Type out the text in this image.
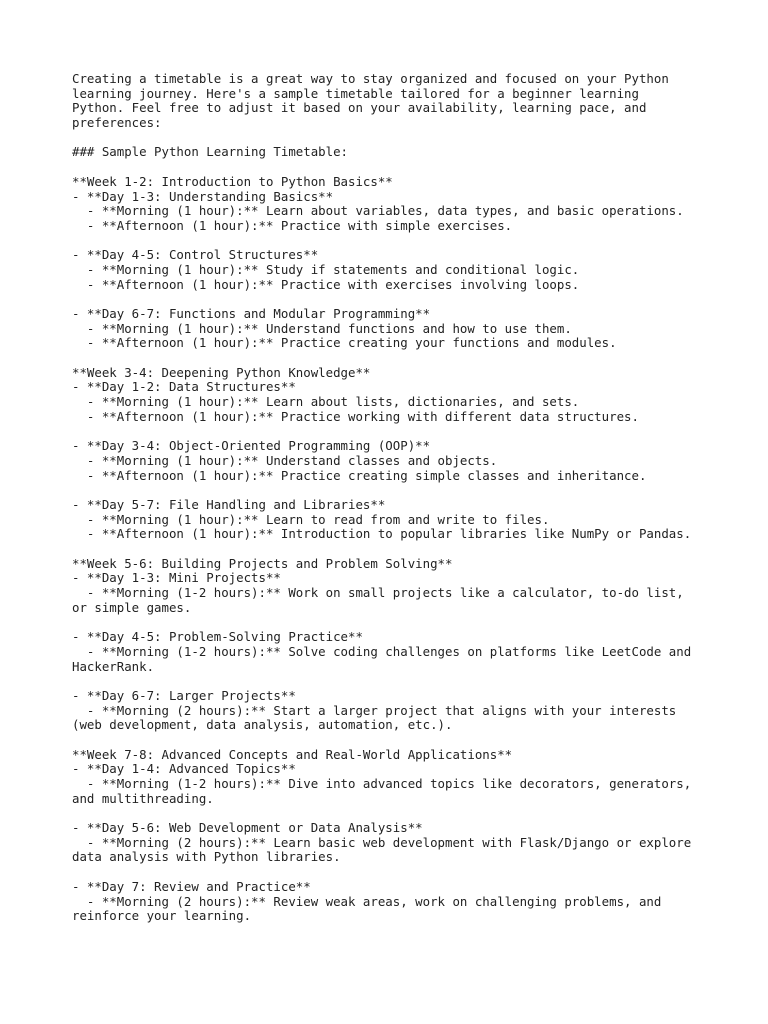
Creating a timetable is a great way to stay organized and focused on your Python
learning journey. Here's a sample timetable tailored for a beginner learning
Python. Feel free to adjust it based on your availability, learning pace, and
preferences:
### Sample Python Learning Timetable:
**Week 1-2: Introduction to Python Basics**
- **Day 1-3: Understanding Basics**
- **Morning (1 hour):** Learn about variables, data types, and basic operations.
- **Afternoon (1 hour):** Practice with simple exercises.
- **Day 4-5: Control Structures**
- **Morning (1 hour):** Study if statements and conditional logic.
- **Afternoon (1 hour):** Practice with exercises involving loops.
- **Day 6-7: Functions and Modular Programming**
- **Morning (1 hour):** Understand functions and how to use them.
- **Afternoon (1 hour):** Practice creating your functions and modules.
**Week 3-4: Deepening Python Knowledge**
- **Day 1-2: Data Structures**
- **Morning (1 hour):** Learn about lists, dictionaries, and sets.
- **Afternoon (1 hour):** Practice working with different data structures.
- **Day 3-4: Object-Oriented Programming (OOP)**
- **Morning (1 hour):** Understand classes and objects.
- **Afternoon (1 hour):** Practice creating simple classes and inheritance.
- **Day 5-7: File Handling and Libraries**
- **Morning (1 hour):** Learn to read from and write to files.
- **Afternoon (1 hour):** Introduction to popular libraries like NumPy or Pandas.
**Week 5-6: Building Projects and Problem Solving**
- **Day 1-3: Mini Projects**
- **Morning (1-2 hours):** Work on small projects like a calculator, to-do list,
or simple games.
- **Day 4-5: Problem-Solving Practice**
- **Morning (1-2 hours):** Solve coding challenges on platforms like LeetCode and
HackerRank.
- **Day 6-7: Larger Projects**
- **Morning (2 hours):** Start a larger project that aligns with your interests
(web development, data analysis, automation, etc.).
**Week 7-8: Advanced Concepts and Real-World Applications**
- **Day 1-4: Advanced Topics**
- **Morning (1-2 hours):** Dive into advanced topics like decorators, generators,
and multithreading.
- **Day 5-6: Web Development or Data Analysis**
- **Morning (2 hours):** Learn basic web development with Flask/Django or explore
data analysis with Python libraries.
- **Day 7: Review and Practice**
- **Morning (2 hours):** Review weak areas, work on challenging problems, and
reinforce your learning.
